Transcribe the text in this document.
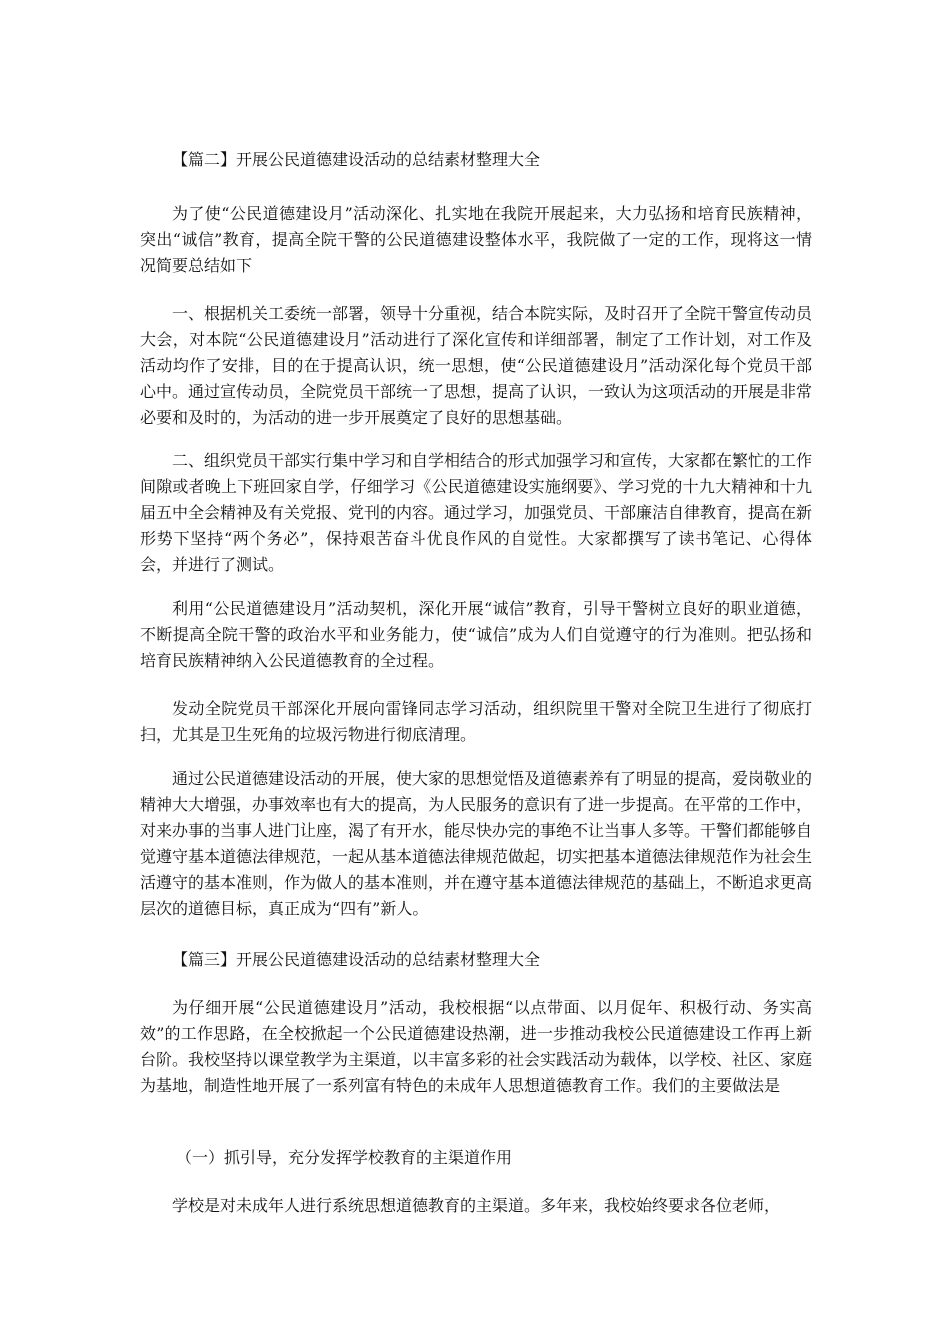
【篇二】开展公民道德建设活动的总结素材整理大全

为了使“公民道德建设月”活动深化、扎实地在我院开展起来，大力弘扬和培育民族精神，突出“诚信”教育，提高全院干警的公民道德建设整体水平，我院做了一定的工作，现将这一情况简要总结如下

一、根据机关工委统一部署，领导十分重视，结合本院实际，及时召开了全院干警宣传动员大会，对本院“公民道德建设月”活动进行了深化宣传和详细部署，制定了工作计划，对工作及活动均作了安排，目的在于提高认识，统一思想，使“公民道德建设月”活动深化每个党员干部心中。通过宣传动员，全院党员干部统一了思想，提高了认识，一致认为这项活动的开展是非常必要和及时的，为活动的进一步开展奠定了良好的思想基础。

二、组织党员干部实行集中学习和自学相结合的形式加强学习和宣传，大家都在繁忙的工作间隙或者晚上下班回家自学，仔细学习《公民道德建设实施纲要》、学习党的十九大精神和十九届五中全会精神及有关党报、党刊的内容。通过学习，加强党员、干部廉洁自律教育，提高在新形势下坚持“两个务必”，保持艰苦奋斗优良作风的自觉性。大家都撰写了读书笔记、心得体会，并进行了测试。

利用“公民道德建设月”活动契机，深化开展“诚信”教育，引导干警树立良好的职业道德，不断提高全院干警的政治水平和业务能力，使“诚信”成为人们自觉遵守的行为准则。把弘扬和培育民族精神纳入公民道德教育的全过程。

发动全院党员干部深化开展向雷锋同志学习活动，组织院里干警对全院卫生进行了彻底打扫，尤其是卫生死角的垃圾污物进行彻底清理。

通过公民道德建设活动的开展，使大家的思想觉悟及道德素养有了明显的提高，爱岗敬业的精神大大增强，办事效率也有大的提高，为人民服务的意识有了进一步提高。在平常的工作中，对来办事的当事人进门让座，渴了有开水，能尽快办完的事绝不让当事人多等。干警们都能够自觉遵守基本道德法律规范，一起从基本道德法律规范做起，切实把基本道德法律规范作为社会生活遵守的基本准则，作为做人的基本准则，并在遵守基本道德法律规范的基础上，不断追求更高层次的道德目标，真正成为“四有”新人。

【篇三】开展公民道德建设活动的总结素材整理大全

为仔细开展“公民道德建设月”活动，我校根据“以点带面、以月促年、积极行动、务实高效”的工作思路，在全校掀起一个公民道德建设热潮，进一步推动我校公民道德建设工作再上新台阶。我校坚持以课堂教学为主渠道，以丰富多彩的社会实践活动为载体，以学校、社区、家庭为基地，制造性地开展了一系列富有特色的未成年人思想道德教育工作。我们的主要做法是

（一）抓引导，充分发挥学校教育的主渠道作用

学校是对未成年人进行系统思想道德教育的主渠道。多年来，我校始终要求各位老师，
